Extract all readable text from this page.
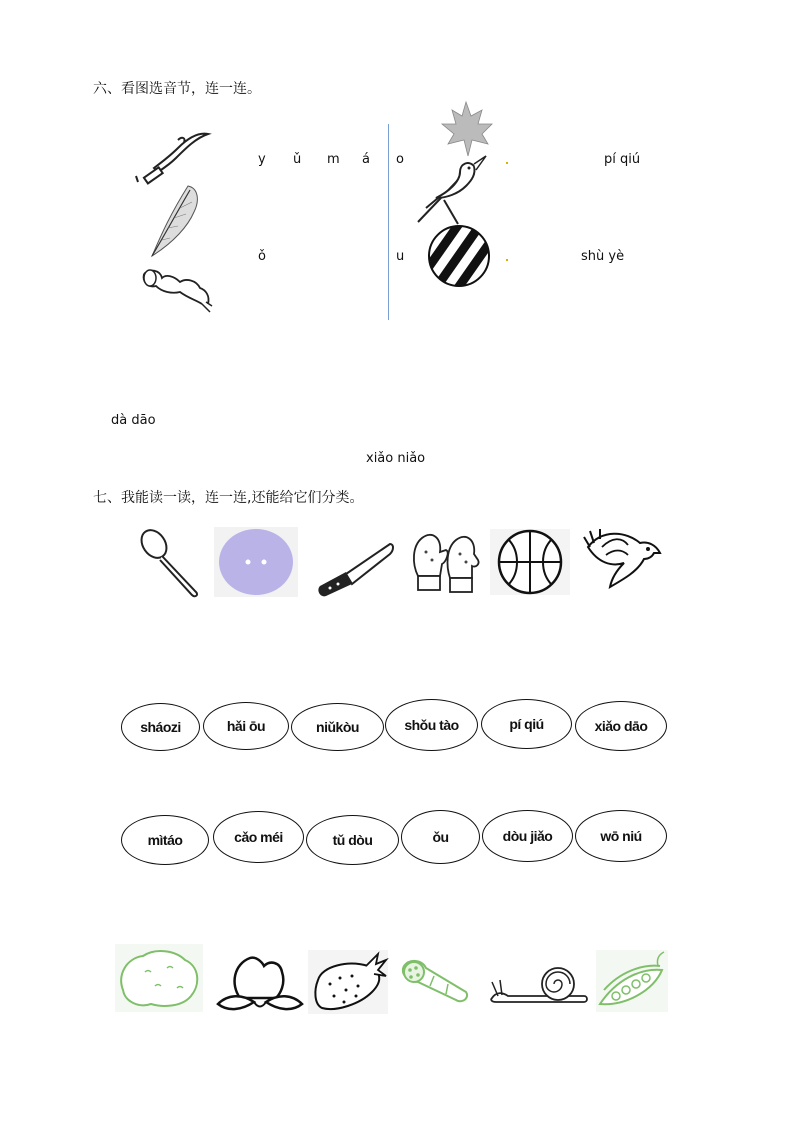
六、看图选音节，连一连。
y ǔ m á o
ǒ	u
pí qiú
shù yè
dà dāo
xiǎo niǎo
七、我能读一读，连一连,还能给它们分类。
sháozi	hǎi ōu	niǔkòu	shǒu tào	pí qiú	xiǎo dāo
mìtáo	cǎo méi	tǔ dòu	ǒu	dòu jiǎo	wō niú
